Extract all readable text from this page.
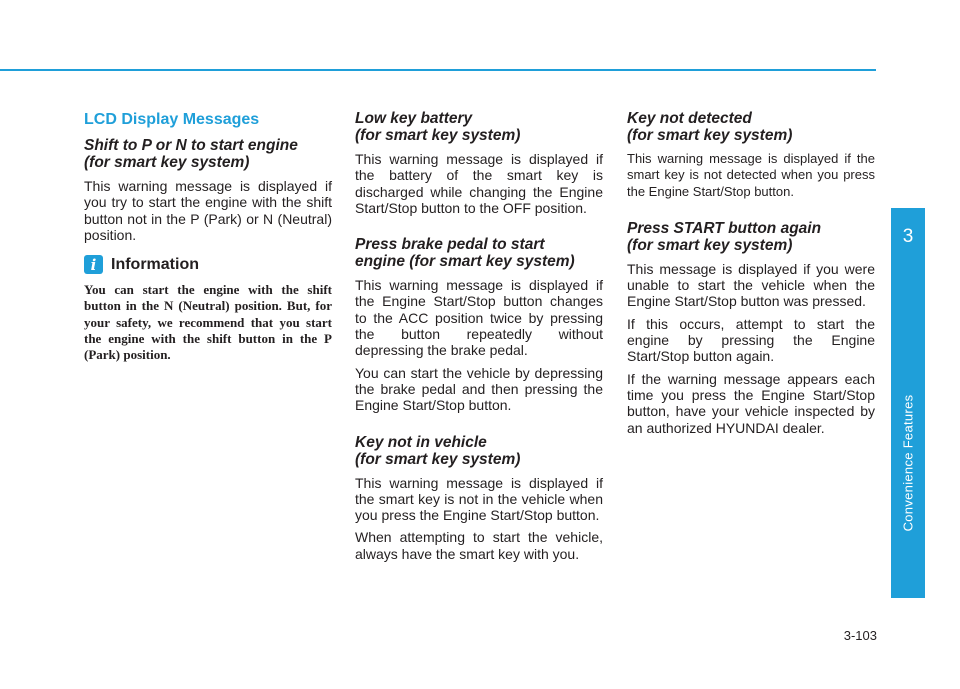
LCD Display Messages
Shift to P or N to start engine
(for smart key system)

This warning message is displayed if you try to start the engine with the shift button not in the P (Park) or N (Neutral) position.

i Information

You can start the engine with the shift button in the N (Neutral) position. But, for your safety, we recommend that you start the engine with the shift button in the P (Park) position.

Low key battery
(for smart key system)

This warning message is displayed if the battery of the smart key is discharged while changing the Engine Start/Stop button to the OFF position.

Press brake pedal to start
engine (for smart key system)

This warning message is displayed if the Engine Start/Stop button changes to the ACC position twice by pressing the button repeatedly without depressing the brake pedal.

You can start the vehicle by depressing the brake pedal and then pressing the Engine Start/Stop button.

Key not in vehicle
(for smart key system)

This warning message is displayed if the smart key is not in the vehicle when you press the Engine Start/Stop button.

When attempting to start the vehicle, always have the smart key with you.

Key not detected
(for smart key system)

This warning message is displayed if the smart key is not detected when you press the Engine Start/Stop button.

Press START button again
(for smart key system)

This message is displayed if you were unable to start the vehicle when the Engine Start/Stop button was pressed.

If this occurs, attempt to start the engine by pressing the Engine Start/Stop button again.

If the warning message appears each time you press the Engine Start/Stop button, have your vehicle inspected by an authorized HYUNDAI dealer.

3
Convenience Features
3-103
